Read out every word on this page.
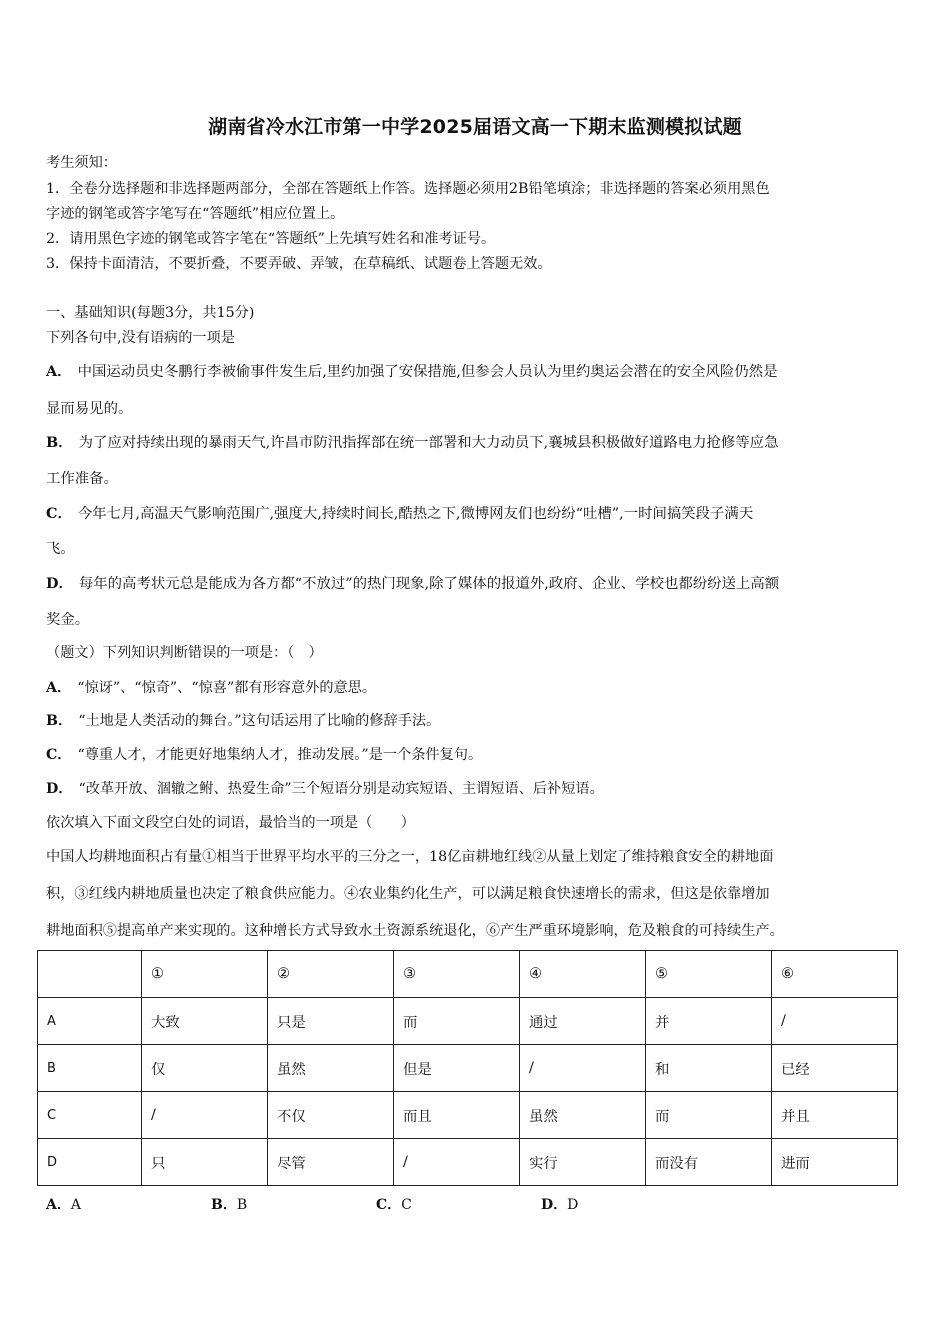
湖南省冷水江市第一中学2025届语文高一下期末监测模拟试题
考生须知：
1．全卷分选择题和非选择题两部分，全部在答题纸上作答。选择题必须用2B铅笔填涂；非选择题的答案必须用黑色
字迹的钢笔或答字笔写在“答题纸”相应位置上。
2．请用黑色字迹的钢笔或答字笔在“答题纸”上先填写姓名和准考证号。
3．保持卡面清洁，不要折叠，不要弄破、弄皱，在草稿纸、试题卷上答题无效。
一、基础知识(每题3分，共15分)
下列各句中,没有语病的一项是
A． 中国运动员史冬鹏行李被偷事件发生后,里约加强了安保措施,但参会人员认为里约奥运会潜在的安全风险仍然是
显而易见的。
B． 为了应对持续出现的暴雨天气,许昌市防汛指挥部在统一部署和大力动员下,襄城县积极做好道路电力抢修等应急
工作准备。
C． 今年七月,高温天气影响范围广,强度大,持续时间长,酷热之下,微博网友们也纷纷“吐槽”,一时间搞笑段子满天
飞。
D． 每年的高考状元总是能成为各方都“不放过”的热门现象,除了媒体的报道外,政府、企业、学校也都纷纷送上高额
奖金。
（题文）下列知识判断错误的一项是：（　）
A． “惊讶”、“惊奇”、“惊喜”都有形容意外的意思。
B． “土地是人类活动的舞台。”这句话运用了比喻的修辞手法。
C． “尊重人才，才能更好地集纳人才，推动发展。”是一个条件复句。
D． “改革开放、涸辙之鲋、热爱生命”三个短语分别是动宾短语、主谓短语、后补短语。
依次填入下面文段空白处的词语，最恰当的一项是（　　）
中国人均耕地面积占有量①相当于世界平均水平的三分之一，18亿亩耕地红线②从量上划定了维持粮食安全的耕地面
积，③红线内耕地质量也决定了粮食供应能力。④农业集约化生产，可以满足粮食快速增长的需求，但这是依靠增加
耕地面积⑤提高单产来实现的。这种增长方式导致水土资源系统退化，⑥产生严重环境影响，危及粮食的可持续生产。
	①	②	③	④	⑤	⑥
A	大致	只是	而	通过	并	/
B	仅	虽然	但是	/	和	已经
C	/	不仅	而且	虽然	而	并且
D	只	尽管	/	实行	而没有	进而
A．A	B．B	C．C	D．D
